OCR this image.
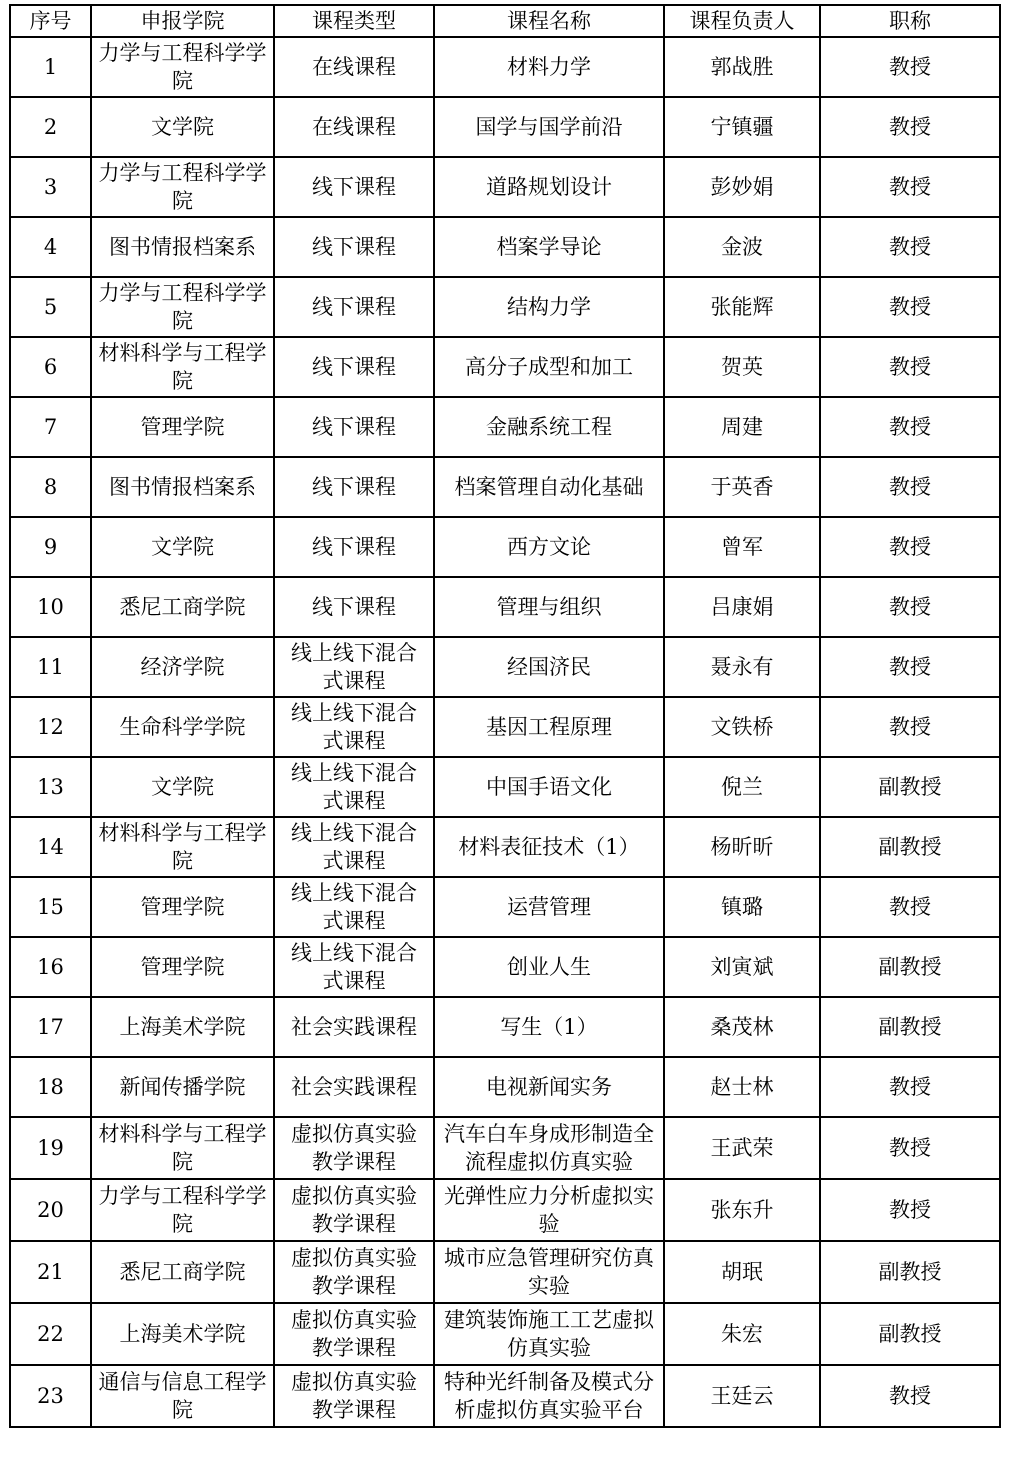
序号	申报学院	课程类型	课程名称	课程负责人	职称

1	力学与工程科学学院	在线课程	材料力学	郭战胜	教授

2	文学院	在线课程	国学与国学前沿	宁镇疆	教授

3	力学与工程科学学院	线下课程	道路规划设计	彭妙娟	教授

4	图书情报档案系	线下课程	档案学导论	金波	教授

5	力学与工程科学学院	线下课程	结构力学	张能辉	教授

6	材料科学与工程学院	线下课程	高分子成型和加工	贺英	教授

7	管理学院	线下课程	金融系统工程	周建	教授

8	图书情报档案系	线下课程	档案管理自动化基础	于英香	教授

9	文学院	线下课程	西方文论	曾军	教授

10	悉尼工商学院	线下课程	管理与组织	吕康娟	教授

11	经济学院	线上线下混合式课程	经国济民	聂永有	教授

12	生命科学学院	线上线下混合式课程	基因工程原理	文铁桥	教授

13	文学院	线上线下混合式课程	中国手语文化	倪兰	副教授

14	材料科学与工程学院	线上线下混合式课程	材料表征技术（1）	杨昕昕	副教授

15	管理学院	线上线下混合式课程	运营管理	镇璐	教授

16	管理学院	线上线下混合式课程	创业人生	刘寅斌	副教授

17	上海美术学院	社会实践课程	写生（1）	桑茂林	副教授

18	新闻传播学院	社会实践课程	电视新闻实务	赵士林	教授

19	材料科学与工程学院	虚拟仿真实验教学课程	汽车白车身成形制造全流程虚拟仿真实验	王武荣	教授

20	力学与工程科学学院	虚拟仿真实验教学课程	光弹性应力分析虚拟实验	张东升	教授

21	悉尼工商学院	虚拟仿真实验教学课程	城市应急管理研究仿真实验	胡珉	副教授

22	上海美术学院	虚拟仿真实验教学课程	建筑装饰施工工艺虚拟仿真实验	朱宏	副教授

23	通信与信息工程学院	虚拟仿真实验教学课程	特种光纤制备及模式分析虚拟仿真实验平台	王廷云	教授
